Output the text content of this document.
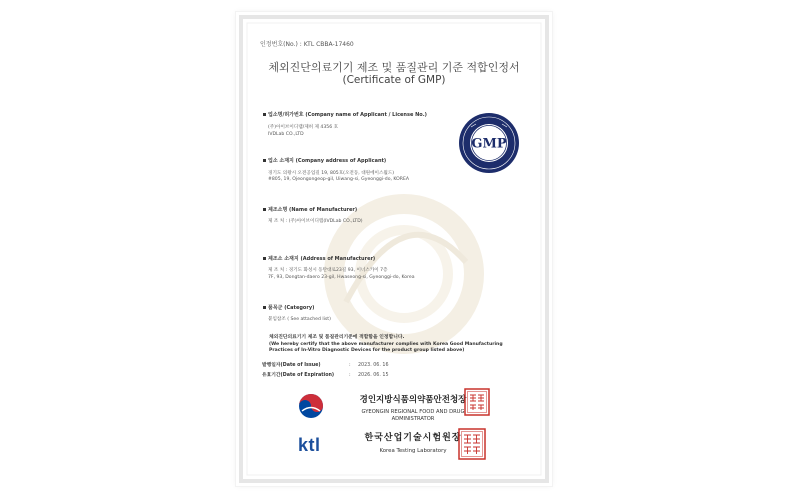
인정번호(No.) : KTL CBBA-17460
체외진단의료기기 제조 및 품질관리 기준 적합인정서
(Certificate of GMP)
GMP
업소명/허가번호 (Company name of Applicant / License No.)
(주)아이브이디랩/제허 제 4356 호
IVDLab CO.,LTD
업소 소재지 (Company address of Applicant)
경기도 의왕시 오전공업길 19, 805호(오전동, 대원에이스월드)
#805, 19, Ojeongongeop-gil, Uiwang-si, Gyeonggi-do, KOREA
제조소명 (Name of Manufacturer)
제 조 처 : (주)아이브이디랩(IVDLab CO.,LTD)
제조소 소재지 (Address of Manufacturer)
제 조 처 : 경기도 화성시 동탄대로23길 93, 이너스카이 7층
7F, 93, Dongtan-daero 23-gil, Hwaseong-si, Gyeonggi-do, Korea
품목군 (Category)
붙임참조 ( See attached list)
체외진단의료기기 제조 및 품질관리기준에 적합함을 인정합니다.
(We hereby certify that the above manufacturer complies with Korea Good Manufacturing
Practices of In-Vitro Diagnostic Devices for the product group listed above)
발행일자(Date of Issue)	: 2023. 06. 16
유효기간(Date of Expiration)	: 2026. 06. 15
ktl
경인지방식품의약품안전청장
GYEONGIN REGIONAL FOOD AND DRUG
ADMINISTRATOR
한국산업기술시험원장
Korea Testing Laboratory
